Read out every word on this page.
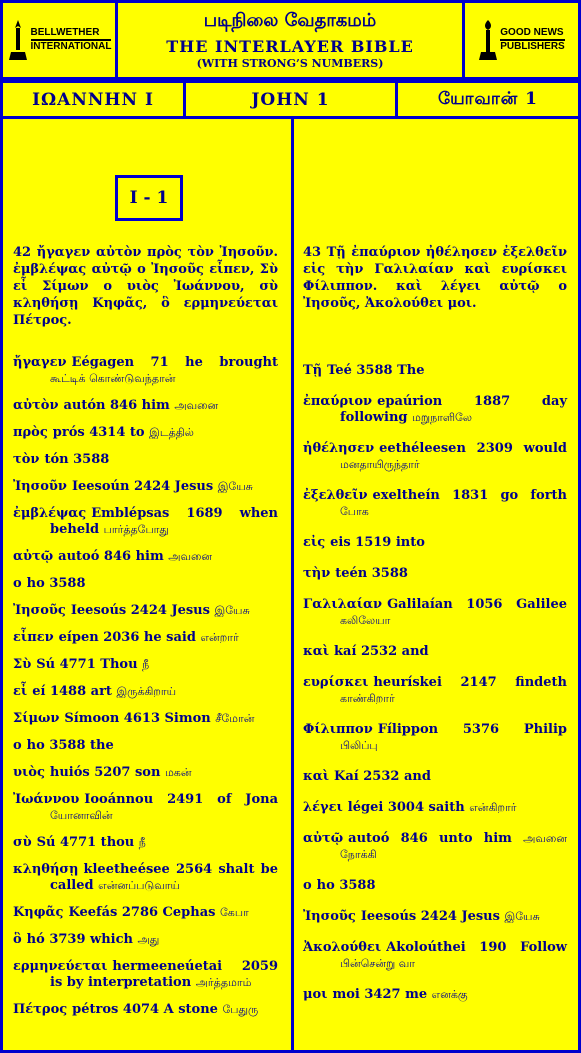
BELLWETHER
INTERNATIONAL
படிநிலை வேதாகமம்
THE INTERLAYER BIBLE
(WITH STRONG’S NUMBERS)
GOOD NEWS
PUBLISHERS
ΙΩΑΝΝΗΝ Ι	JOHN 1	யோவான் 1
I - 1
42 ἤγαγεν αὐτὸν πρὸς τὸν Ἰησοῦν. ἐμβλέψας αὐτῷ ο Ἰησοῦς εἶπεν, Σὺ εἶ Σίμων ο υιὸς Ἰωάννου, σὺ κληθήσῃ Κηφᾶς, ὃ ερμηνεύεται Πέτρος.
43 Τῇ ἐπαύριον ἠθέλησεν ἐξελθεῖν εἰς τὴν Γαλιλαίαν καὶ ευρίσκει Φίλιππον. καὶ λέγει αὐτῷ ο Ἰησοῦς, Ἀκολούθει μοι.
ἤγαγεν Eégagen 71 he brought கூட்டிக் கொண்டுவந்தான்
αὐτὸν autón 846 him அவனை
πρὸς prós 4314 to இடத்தில்
τὸν tón 3588
Ἰησοῦν Ieesoún 2424 Jesus இயேசு
ἐμβλέψας Emblépsas 1689 when beheld பார்த்தபோது
αὐτῷ autoó 846 him அவனை
ο ho 3588
Ἰησοῦς Ieesoús 2424 Jesus இயேசு
εἶπεν eípen 2036 he said என்றார்
Σὺ Sú 4771 Thou நீ
εἶ eí 1488 art இருக்கிறாய்
Σίμων Símoon 4613 Simon சீமோன்
ο ho 3588 the
υιὸς huiós 5207 son மகன்
Ἰωάννου Iooánnou 2491 of Jona யோனாவின்
σὺ Sú 4771 thou நீ
κληθήσῃ kleetheésee 2564 shalt be called என்னப்படுவாய்
Κηφᾶς Keefás 2786 Cephas கேபா
ὃ hó 3739 which அது
ερμηνεύεται hermeeneúetai 2059 is by interpretation அர்த்தமாம்
Πέτρος pétros 4074 A stone பேதுரு
Τῇ Teé 3588 The
ἐπαύριον epaúrion 1887 day following மறுநாளிலே
ἠθέλησεν eethéleesen 2309 would மனதாயிருந்தார்
ἐξελθεῖν exeltheín 1831 go forth போக
εἰς eis 1519 into
τὴν teén 3588
Γαλιλαίαν Galilaían 1056 Galilee கலிலேயா
καὶ kaí 2532 and
ευρίσκει heurískei 2147 findeth காண்கிறார்
Φίλιππον Fílippon 5376 Philip பிலிப்பு
καὶ Kaí 2532 and
λέγει légei 3004 saith என்கிறார்
αὐτῷ autoó 846 unto him அவனை நோக்கி
ο ho 3588
Ἰησοῦς Ieesoús 2424 Jesus இயேசு
Ἀκολούθει Akoloúthei 190 Follow பின்சென்று வா
μοι moi 3427 me எனக்கு
